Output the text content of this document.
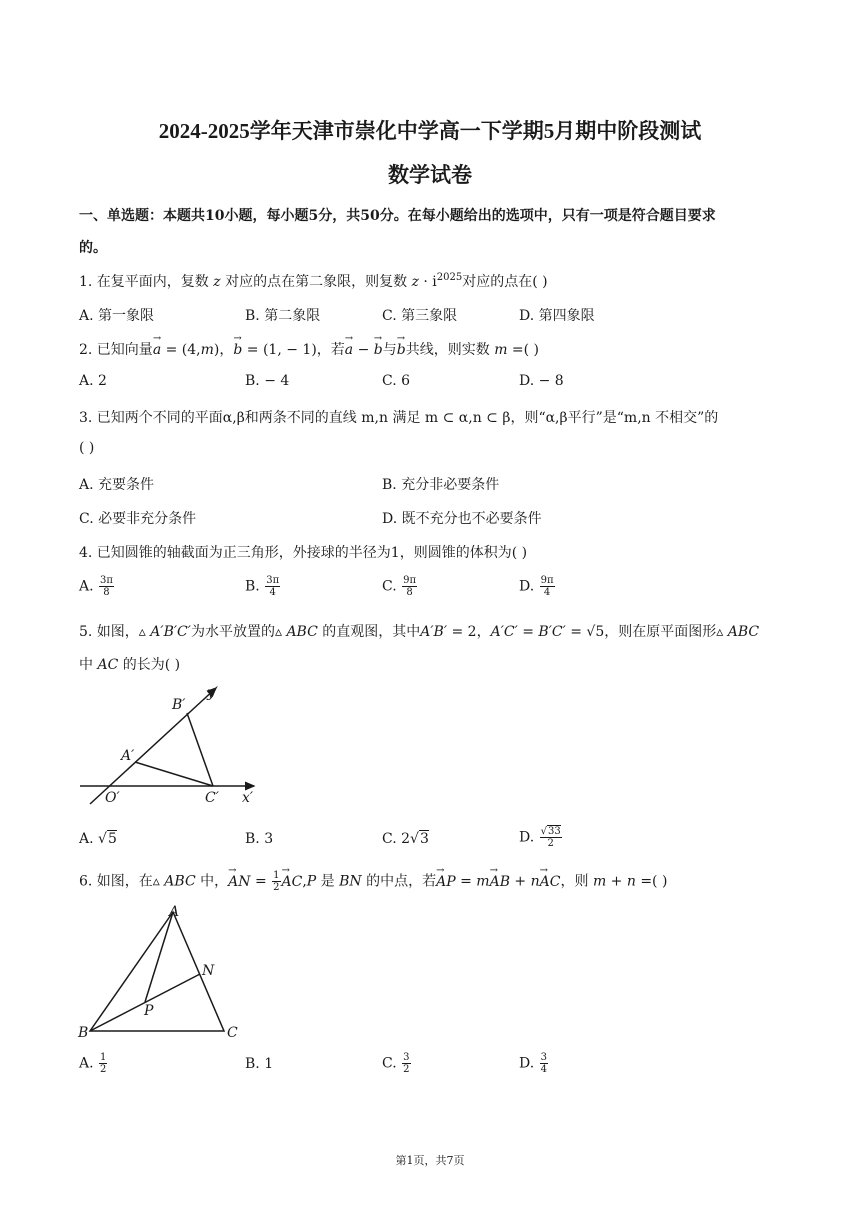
2024-2025学年天津市崇化中学高一下学期5月期中阶段测试
数学试卷
一、单选题：本题共10小题，每小题5分，共50分。在每小题给出的选项中，只有一项是符合题目要求
的。
1. 在复平面内，复数 z 对应的点在第二象限，则复数 $z \cdot i^{2025}$对应的点在( )
A. 第一象限	B. 第二象限	C. 第三象限	D. 第四象限
2. 已知向量→ a = (4,m)，→ b = (1, − 1)，若→ a − → b与→ b共线，则实数 m =( )
A. 2	B. − 4	C. 6	D. − 8
3. 已知两个不同的平面α,β和两条不同的直线 m,n 满足 m ⊂ α,n ⊂ β，则“α,β平行”是“m,n 不相交”的
( )
A. 充要条件	B. 充分非必要条件
C. 必要非充分条件	D. 既不充分也不必要条件
4. 已知圆锥的轴截面为正三角形，外接球的半径为1，则圆锥的体积为( )
A. $\frac{3\pi}{8}$	B. $\frac{3\pi}{4}$	C. $\frac{9\pi}{8}$	D. $\frac{9\pi}{4}$
5. 如图，▵ A′B′C′为水平放置的▵ ABC 的直观图，其中A′B′ = 2，A′C′ = B′C′ = √5，则在原平面图形▵ ABC
中 AC 的长为( )
B′
y′
A′
O′	C′ x′
A. √5	B. 3	C. 2√3	D. $\frac{√33}{2}$
6. 如图，在▵ ABC 中，→ AN = $\frac{1}{2}$
→ AC,P 是 BN 的中点，若→ AP = m→ AB + n→ AC，则 m + n =( )
A
N
P
B	C
A. $\frac{1}{2}$	B. 1	C. $\frac{3}{2}$	D. $\frac{3}{4}$
第1页，共7页
